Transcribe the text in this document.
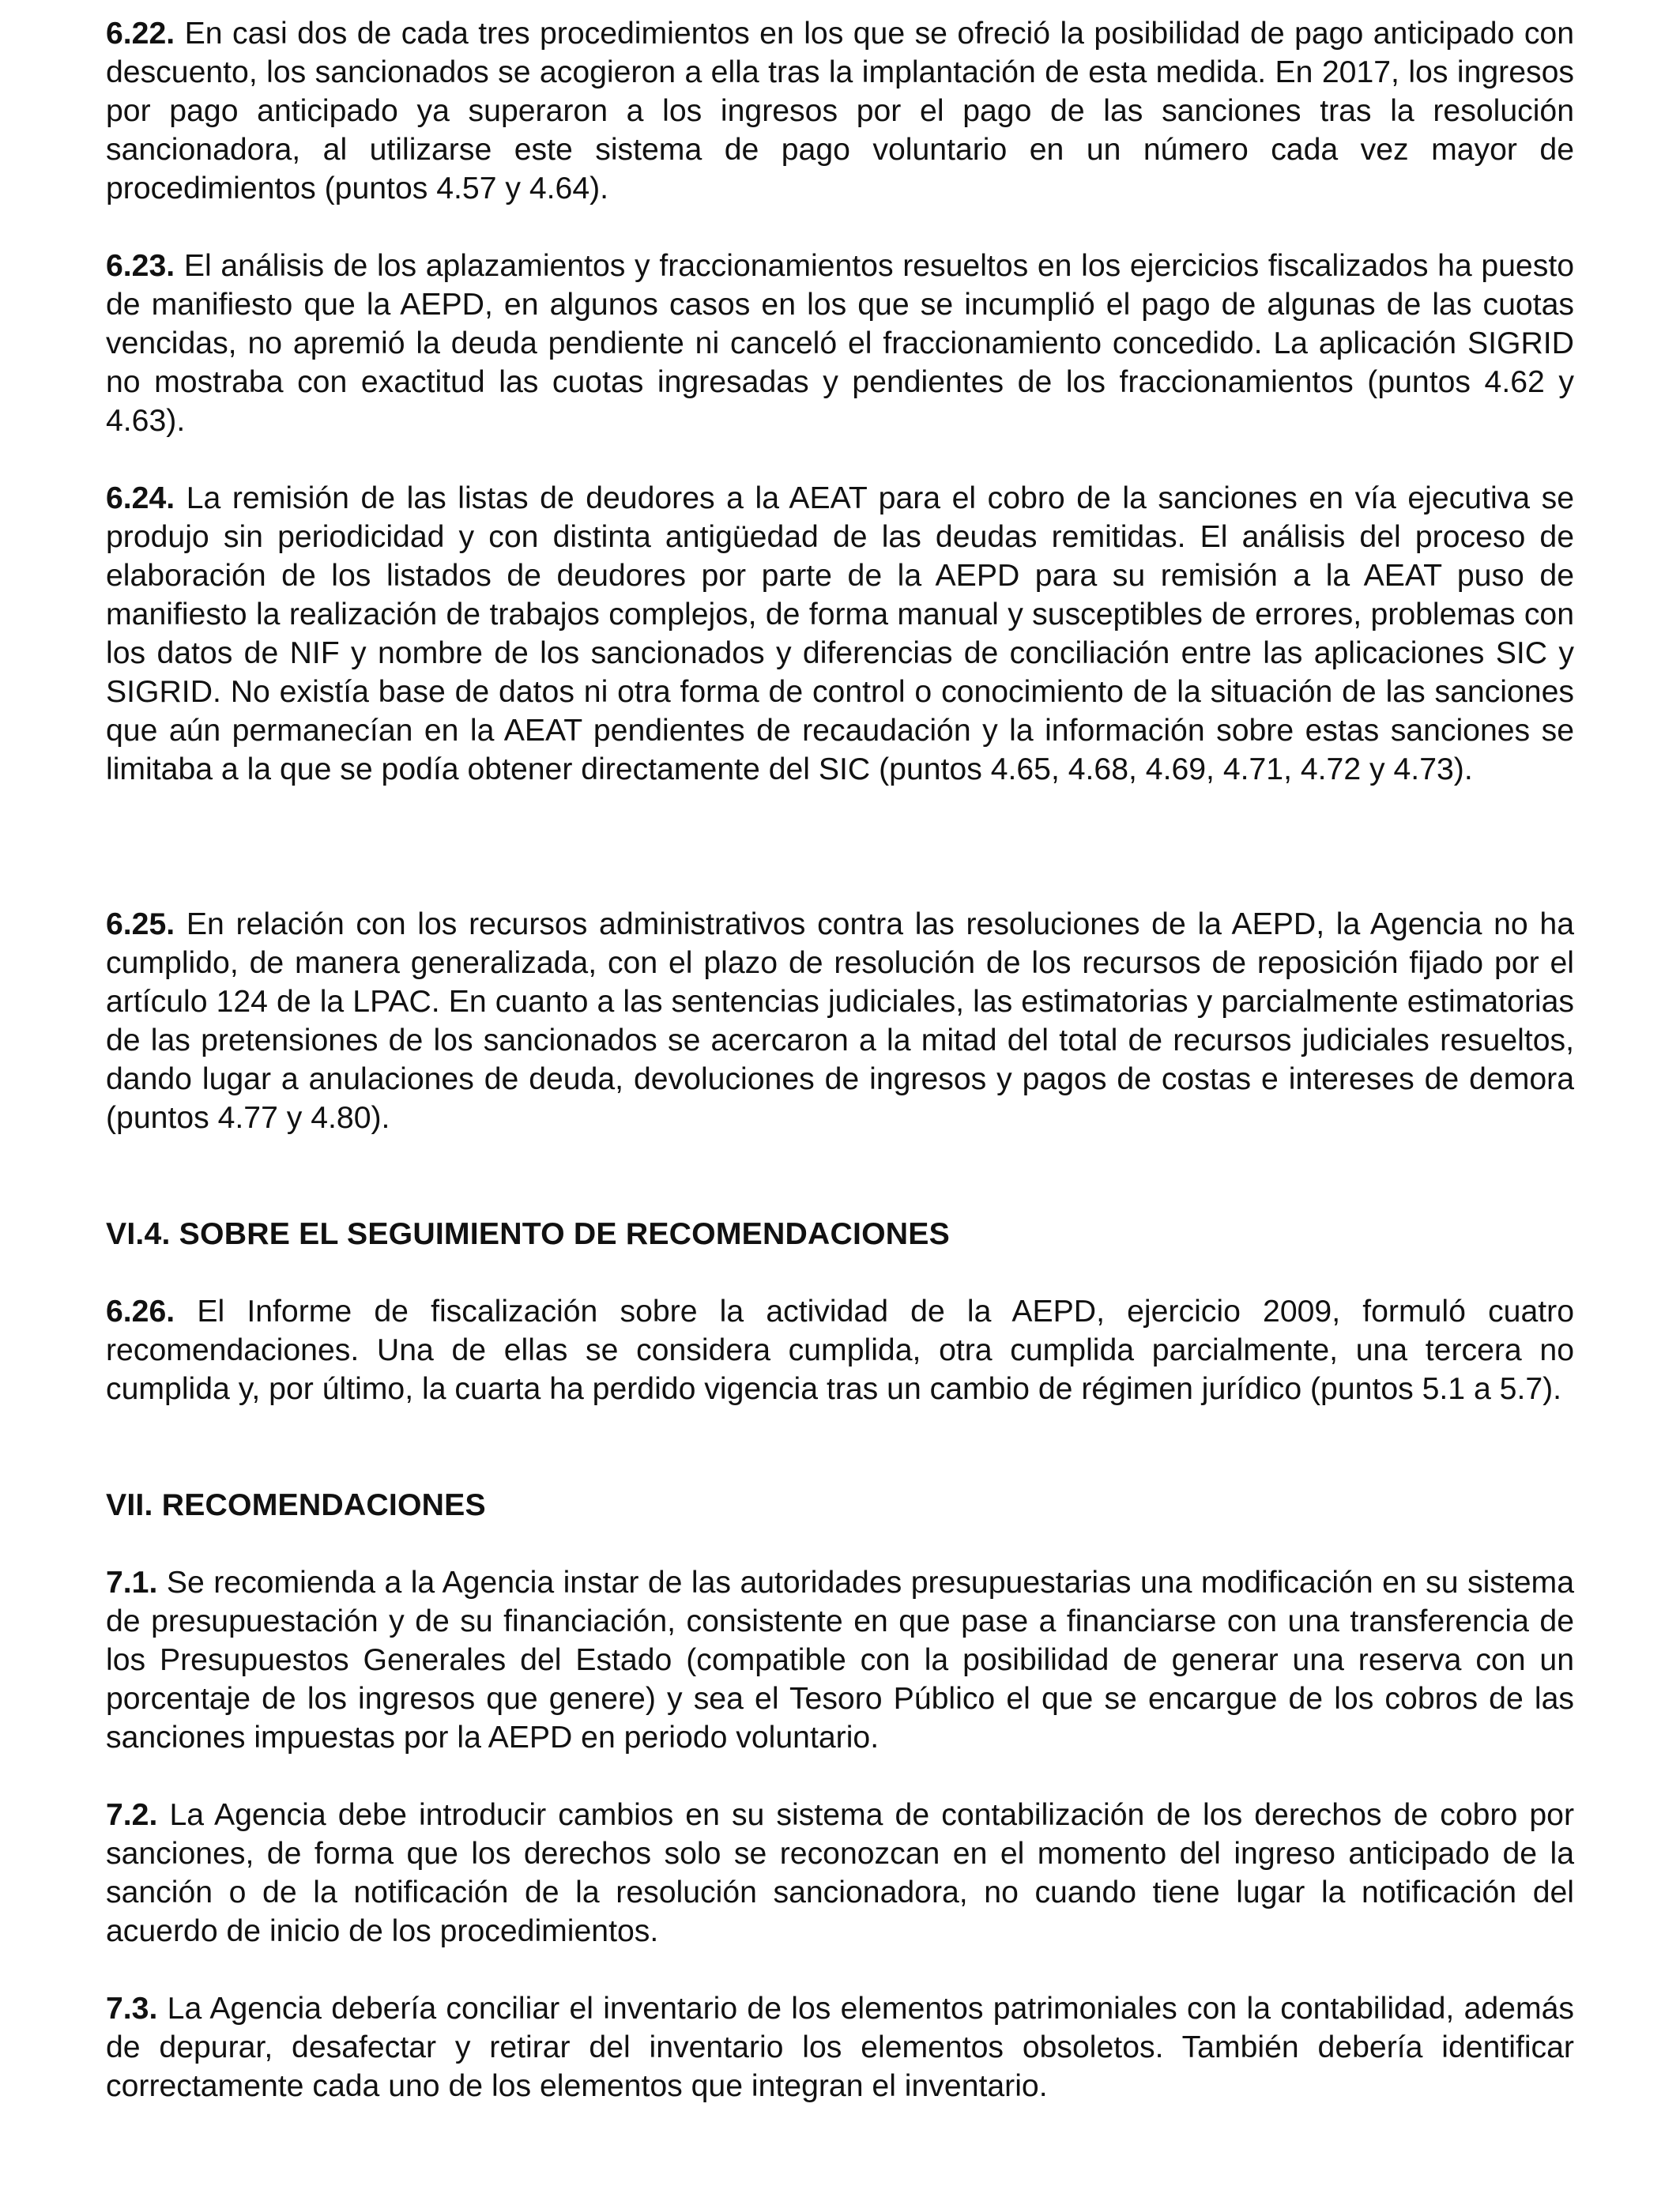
6.22. En casi dos de cada tres procedimientos en los que se ofreció la posibilidad de pago anticipado con descuento, los sancionados se acogieron a ella tras la implantación de esta medida. En 2017, los ingresos por pago anticipado ya superaron a los ingresos por el pago de las sanciones tras la resolución sancionadora, al utilizarse este sistema de pago voluntario en un número cada vez mayor de procedimientos (puntos 4.57 y 4.64).

6.23. El análisis de los aplazamientos y fraccionamientos resueltos en los ejercicios fiscalizados ha puesto de manifiesto que la AEPD, en algunos casos en los que se incumplió el pago de algunas de las cuotas vencidas, no apremió la deuda pendiente ni canceló el fraccionamiento concedido. La aplicación SIGRID no mostraba con exactitud las cuotas ingresadas y pendientes de los fraccionamientos (puntos 4.62 y 4.63).

6.24. La remisión de las listas de deudores a la AEAT para el cobro de la sanciones en vía ejecutiva se produjo sin periodicidad y con distinta antigüedad de las deudas remitidas. El análisis del proceso de elaboración de los listados de deudores por parte de la AEPD para su remisión a la AEAT puso de manifiesto la realización de trabajos complejos, de forma manual y susceptibles de errores, problemas con los datos de NIF y nombre de los sancionados y diferencias de conciliación entre las aplicaciones SIC y SIGRID. No existía base de datos ni otra forma de control o conocimiento de la situación de las sanciones que aún permanecían en la AEAT pendientes de recaudación y la información sobre estas sanciones se limitaba a la que se podía obtener directamente del SIC (puntos 4.65, 4.68, 4.69, 4.71, 4.72 y 4.73).

6.25. En relación con los recursos administrativos contra las resoluciones de la AEPD, la Agencia no ha cumplido, de manera generalizada, con el plazo de resolución de los recursos de reposición fijado por el artículo 124 de la LPAC. En cuanto a las sentencias judiciales, las estimatorias y parcialmente estimatorias de las pretensiones de los sancionados se acercaron a la mitad del total de recursos judiciales resueltos, dando lugar a anulaciones de deuda, devoluciones de ingresos y pagos de costas e intereses de demora (puntos 4.77 y 4.80).

VI.4. SOBRE EL SEGUIMIENTO DE RECOMENDACIONES

6.26. El Informe de fiscalización sobre la actividad de la AEPD, ejercicio 2009, formuló cuatro recomendaciones. Una de ellas se considera cumplida, otra cumplida parcialmente, una tercera no cumplida y, por último, la cuarta ha perdido vigencia tras un cambio de régimen jurídico (puntos 5.1 a 5.7).

VII. RECOMENDACIONES

7.1. Se recomienda a la Agencia instar de las autoridades presupuestarias una modificación en su sistema de presupuestación y de su financiación, consistente en que pase a financiarse con una transferencia de los Presupuestos Generales del Estado (compatible con la posibilidad de generar una reserva con un porcentaje de los ingresos que genere) y sea el Tesoro Público el que se encargue de los cobros de las sanciones impuestas por la AEPD en periodo voluntario.

7.2. La Agencia debe introducir cambios en su sistema de contabilización de los derechos de cobro por sanciones, de forma que los derechos solo se reconozcan en el momento del ingreso anticipado de la sanción o de la notificación de la resolución sancionadora, no cuando tiene lugar la notificación del acuerdo de inicio de los procedimientos.

7.3. La Agencia debería conciliar el inventario de los elementos patrimoniales con la contabilidad, además de depurar, desafectar y retirar del inventario los elementos obsoletos. También debería identificar correctamente cada uno de los elementos que integran el inventario.
